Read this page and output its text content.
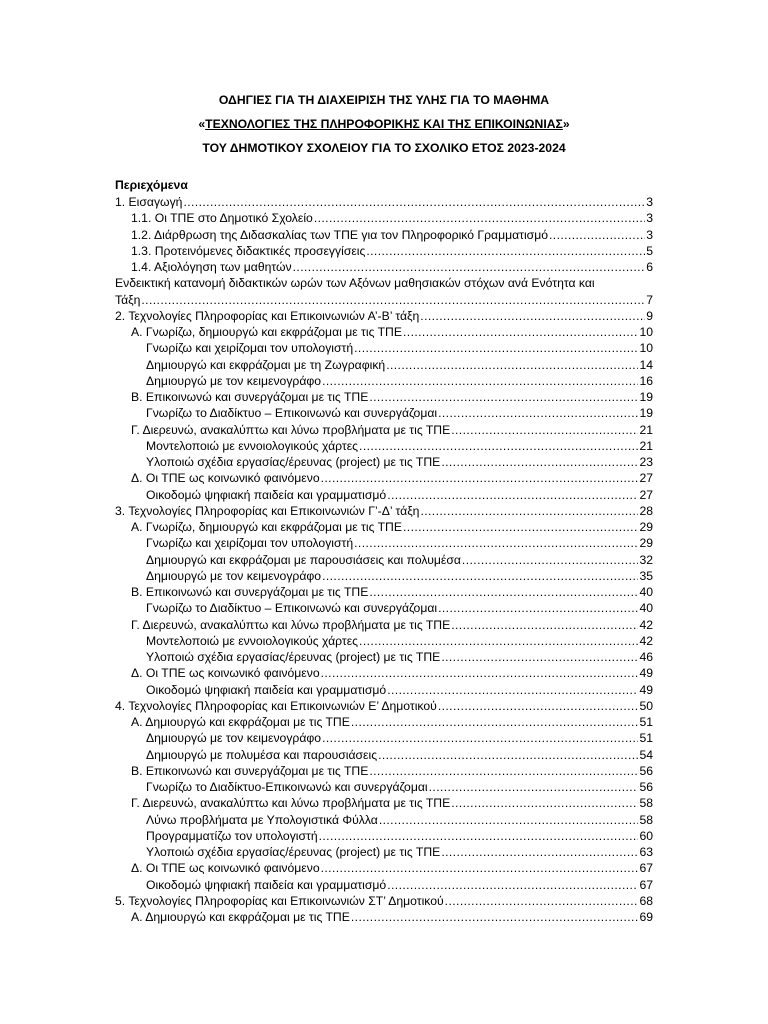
ΟΔΗΓΙΕΣ ΓΙΑ ΤΗ ΔΙΑΧΕΙΡΙΣΗ ΤΗΣ ΥΛΗΣ ΓΙΑ ΤΟ ΜΑΘΗΜΑ
«ΤΕΧΝΟΛΟΓΙΕΣ ΤΗΣ ΠΛΗΡΟΦΟΡΙΚΗΣ ΚΑΙ ΤΗΣ ΕΠΙΚΟΙΝΩΝΙΑΣ»
ΤΟΥ ΔΗΜΟΤΙΚΟΥ ΣΧΟΛΕΙΟΥ ΓΙΑ ΤΟ ΣΧΟΛΙΚΟ ΕΤΟΣ 2023-2024
Περιεχόμενα
1. Εισαγωγή .....	3
1.1. Οι ΤΠΕ στο Δημοτικό Σχολείο .....	3
1.2. Διάρθρωση της Διδασκαλίας των ΤΠΕ για τον Πληροφορικό Γραμματισμό .....	3
1.3. Προτεινόμενες διδακτικές προσεγγίσεις .....	5
1.4. Αξιολόγηση των μαθητών .....	6
Ενδεικτική κατανομή διδακτικών ωρών των Αξόνων μαθησιακών στόχων ανά Ενότητα και
Τάξη .....	7
2. Τεχνολογίες Πληροφορίας και Επικοινωνιών Α’-Β’ τάξη .....	9
Α. Γνωρίζω, δημιουργώ και εκφράζομαι με τις ΤΠΕ .....	10
Γνωρίζω και χειρίζομαι τον υπολογιστή .....	10
Δημιουργώ και εκφράζομαι με τη Ζωγραφική .....	14
Δημιουργώ με τον κειμενογράφο .....	16
Β. Επικοινωνώ και συνεργάζομαι με τις ΤΠΕ .....	19
Γνωρίζω το Διαδίκτυο – Επικοινωνώ και συνεργάζομαι .....	19
Γ. Διερευνώ, ανακαλύπτω και λύνω προβλήματα με τις ΤΠΕ .....	21
Μοντελοποιώ με εννοιολογικούς χάρτες .....	21
Υλοποιώ σχέδια εργασίας/έρευνας (project) με τις ΤΠΕ .....	23
Δ. Οι ΤΠΕ ως κοινωνικό φαινόμενο .....	27
Οικοδομώ ψηφιακή παιδεία και γραμματισμό .....	27
3. Τεχνολογίες Πληροφορίας και Επικοινωνιών Γ’-Δ’ τάξη .....	28
Α. Γνωρίζω, δημιουργώ και εκφράζομαι με τις ΤΠΕ .....	29
Γνωρίζω και χειρίζομαι τον υπολογιστή .....	29
Δημιουργώ και εκφράζομαι με παρουσιάσεις και πολυμέσα .....	32
Δημιουργώ με τον κειμενογράφο .....	35
Β. Επικοινωνώ και συνεργάζομαι με τις ΤΠΕ .....	40
Γνωρίζω το Διαδίκτυο – Επικοινωνώ και συνεργάζομαι .....	40
Γ. Διερευνώ, ανακαλύπτω και λύνω προβλήματα με τις ΤΠΕ .....	42
Μοντελοποιώ με εννοιολογικούς χάρτες .....	42
Υλοποιώ σχέδια εργασίας/έρευνας (project) με τις ΤΠΕ .....	46
Δ. Οι ΤΠΕ ως κοινωνικό φαινόμενο .....	49
Οικοδομώ ψηφιακή παιδεία και γραμματισμό .....	49
4. Τεχνολογίες Πληροφορίας και Επικοινωνιών Ε’ Δημοτικού .....	50
Α. Δημιουργώ και εκφράζομαι με τις ΤΠΕ .....	51
Δημιουργώ με τον κειμενογράφο .....	51
Δημιουργώ με πολυμέσα και παρουσιάσεις .....	54
Β. Επικοινωνώ και συνεργάζομαι με τις ΤΠΕ .....	56
Γνωρίζω το Διαδίκτυο-Επικοινωνώ και συνεργάζομαι .....	56
Γ. Διερευνώ, ανακαλύπτω και λύνω προβλήματα με τις ΤΠΕ .....	58
Λύνω προβλήματα με Υπολογιστικά Φύλλα .....	58
Προγραμματίζω τον υπολογιστή .....	60
Υλοποιώ σχέδια εργασίας/έρευνας (project) με τις ΤΠΕ .....	63
Δ. Οι ΤΠΕ ως κοινωνικό φαινόμενο .....	67
Οικοδομώ ψηφιακή παιδεία και γραμματισμό .....	67
5. Τεχνολογίες Πληροφορίας και Επικοινωνιών ΣΤ’ Δημοτικού .....	68
Α. Δημιουργώ και εκφράζομαι με τις ΤΠΕ .....	69
